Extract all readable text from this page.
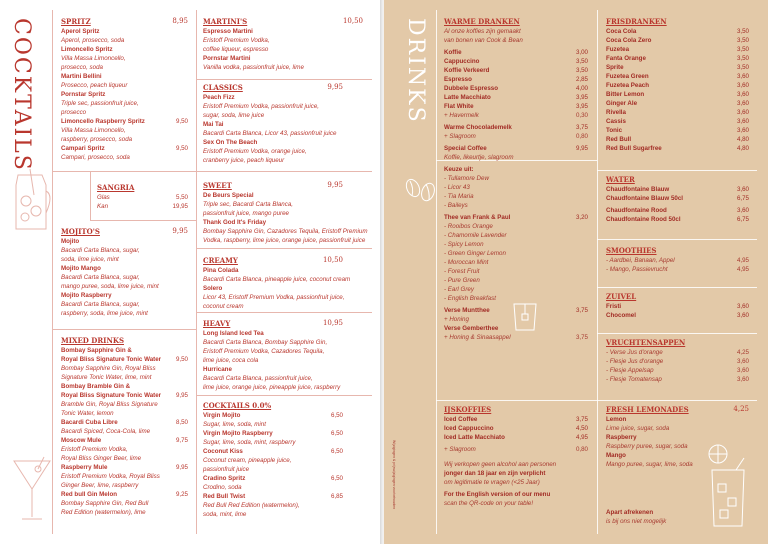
COCKTAILS	SPRITZ	8,95
Aperol Spritz
Aperol, prosecco, soda
Limoncello Spritz
Villa Massa Limoncello,
prosecco, soda
Martini Bellini
Prosecco, peach liqueur
Pornstar Spritz
Triple sec, passionfruit juice,
prosecco
Limoncello Raspberry Spritz	9,50
Villa Massa Limoncello,
raspberry, prosecco, soda
Campari Spritz	9,50
Campari, prosecco, soda
SANGRIA
Glas	5,50
Kan	19,95
MOJITO'S	9,95
Mojito
Bacardi Carta Blanca, sugar,
soda, lime juice, mint
Mojito Mango
Bacardi Carta Blanca, sugar,
mango puree, soda, lime juice, mint
Mojito Raspberry
Bacardi Carta Blanca, sugar,
raspberry, soda, lime juice, mint
MIXED DRINKS
Bombay Sapphire Gin &
Royal Bliss Signature Tonic Water 9,50
Bombay Sapphire Gin, Royal Bliss
Signature Tonic Water, lime, mint
Bombay Bramble Gin &
Royal Bliss Signature Tonic Water 9,95
Bramble Gin, Royal Bliss Signature
Tonic Water, lemon
Bacardi Cuba Libre	8,50
Bacardi Spiced, Coca-Cola, lime
Moscow Mule	9,75
Eristoff Premium Vodka,
Royal Bliss Ginger Beer, lime
Raspberry Mule	9,95
Eristoff Premium Vodka, Royal Bliss
Ginger Beer, lime, raspberry
Red bull Gin Melon	9,25
Bombay Sapphire Gin, Red Bull
Red Edition (watermelon), lime
MARTINI'S	10,50
Espresso Martini
Eristoff Premium Vodka,
coffee liqueur, espresso
Pornstar Martini
Vanilla vodka, passionfruit juice, lime
CLASSICS	9,95
Peach Fizz
Eristoff Premium Vodka, passionfruit juice,
sugar, soda, lime juice
Mai Tai
Bacardi Carta Blanca, Licor 43, passionfruit juice
Sex On The Beach
Eristoff Premium Vodka, orange juice,
cranberry juice, peach liqueur
SWEET	9,95
De Beurs Special
Triple sec, Bacardi Carta Blanca,
passionfruit juice, mango puree
Thank God It's Friday
Bombay Sapphire Gin, Cazadores Tequila, Eristoff Premium
Vodka, raspberry, lime juice, orange juice, passionfruit juice
CREAMY	10,50
Pina Colada
Bacardi Carta Blanca, pineapple juice, coconut cream
Solero
Licor 43, Eristoff Premium Vodka, passionfruit juice,
coconut cream
HEAVY	10,95
Long Island Iced Tea
Bacardi Carta Blanca, Bombay Sapphire Gin,
Eristoff Premium Vodka, Cazadores Tequila,
lime juice, coca cola
Hurricane
Bacardi Carta Blanca, passionfruit juice,
lime juice, orange juice, pineapple juice, raspberry
COCKTAILS 0.0%
Virgin Mojito	6,50
Sugar, lime, soda, mint
Virgin Mojito Raspberry	6,50
Sugar, lime, soda, mint, raspberry
Coconut Kiss	6,50
Coconut cream, pineapple juice,
passionfruit juice
Cradino Spritz	6,50
Crodino, soda
Red Bull Twist	6,85
Red Bull Red Edition (watermelon),
soda, mint, lime
DRINKS WARME DRANKEN
Al onze koffies zijn gemaakt
van bonen van Cook & Bean
Koffie	3,00
Cappuccino	3,50
Koffie Verkeerd	3,50
Espresso	2,85
Dubbele Espresso	4,00
Latte Macchiato	3,95
Flat White	3,95
+ Havermelk	0,30
Warme Chocolademelk	3,75
+ Slagroom	0,80
Special Coffee	9,95
Koffie, likeurtje, slagroom
Keuze uit:
- Tullamore Dew
- Licor 43
- Tia Maria
- Baileys
Thee van Frank & Paul	3,20
- Rooibos Orange
- Chamomile Lavender
- Spicy Lemon
- Green Ginger Lemon
- Moroccan Mint
- Forest Fruit
- Pure Green
- Earl Grey
- English Breakfast
Verse Munttheе	3,75
+ Honing
Verse Gembertheе
+ Honing & Sinaasappel	3,75
IJSKOFFIES
Iced Coffee	3,75
Iced Cappuccino	4,50
Iced Latte Macchiato	4,95
+ Slagroom	0,80
Wij verkopen geen alcohol aan personen
jonger dan 18 jaar en zijn verplicht
om legitimatie te vragen (<25 Jaar)
For the English version of our menu
scan the QR-code on your table!
FRISDRANKEN
Coca Cola	3,50
Coca Cola Zero	3,50
Fuzetea	3,50
Fanta Orange	3,50
Sprite	3,50
Fuzetea Green	3,60
Fuzetea Peach	3,60
Bitter Lemon	3,60
Ginger Ale	3,60
Rivella	3,60
Cassis	3,60
Tonic	3,60
Red Bull	4,80
Red Bull Sugarfree	4,80
WATER
Chaudfontaine Blauw	3,60
Chaudfontaine Blauw 50cl	6,75
Chaudfontaine Rood	3,60
Chaudfontaine Rood 50cl	6,75
SMOOTHIES
- Aardbei, Banaan, Appel	4,95
- Mango, Passievrucht	4,95
ZUIVEL
Fristi	3,60
Chocomel	3,60
VRUCHTENSAPPEN
- Verse Jus d'orange	4,25
- Flesje Jus d'orange	3,60
- Flesje Appelsap	3,60
- Flesje Tomatensap	3,60
FRESH LEMONADES	4,25
Lemon
Lime juice, sugar, soda
Raspberry
Raspberry puree, sugar, soda
Mango
Mango puree, sugar, lime, soda
Apart afrekenen
is bij ons niet mogelijk
Wijzigingen & prijswijzigingen voorbehouden
